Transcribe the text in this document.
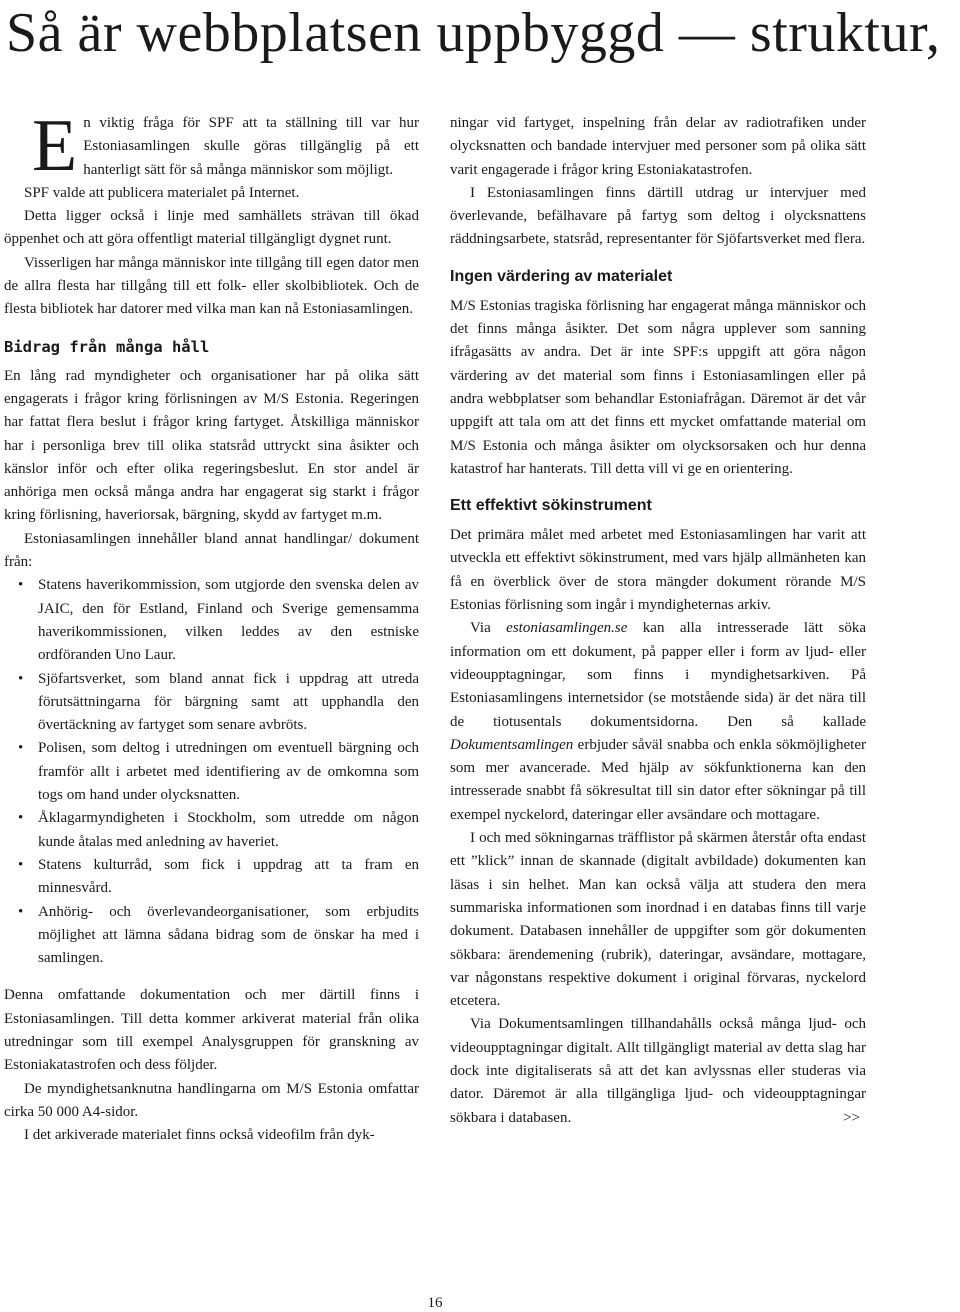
Så är webbplatsen uppbyggd — struktur,

En viktig fråga för SPF att ta ställning till var hur Estoniasamlingen skulle göras tillgänglig på ett hanterligt sätt för så många människor som möjligt.

SPF valde att publicera materialet på Internet.

Detta ligger också i linje med samhällets strävan till ökad öppenhet och att göra offentligt material tillgängligt dygnet runt.

Visserligen har många människor inte tillgång till egen dator men de allra flesta har tillgång till ett folk- eller skolbibliotek. Och de flesta bibliotek har datorer med vilka man kan nå Estoniasamlingen.

Bidrag från många håll

En lång rad myndigheter och organisationer har på olika sätt engagerats i frågor kring förlisningen av M/S Estonia. Regeringen har fattat flera beslut i frågor kring fartyget. Åtskilliga människor har i personliga brev till olika statsråd uttryckt sina åsikter och känslor inför och efter olika regeringsbeslut. En stor andel är anhöriga men också många andra har engagerat sig starkt i frågor kring förlisning, haveriorsak, bärgning, skydd av fartyget m.m.

Estoniasamlingen innehåller bland annat handlingar/ dokument från:

• Statens haverikommission, som utgjorde den svenska delen av JAIC, den för Estland, Finland och Sverige gemensamma haverikommissionen, vilken leddes av den estniske ordföranden Uno Laur.
• Sjöfartsverket, som bland annat fick i uppdrag att utreda förutsättningarna för bärgning samt att upphandla den övertäckning av fartyget som senare avbröts.
• Polisen, som deltog i utredningen om eventuell bärgning och framför allt i arbetet med identifiering av de omkomna som togs om hand under olycksnatten.
• Åklagarmyndigheten i Stockholm, som utredde om någon kunde åtalas med anledning av haveriet.
• Statens kulturråd, som fick i uppdrag att ta fram en minnesvård.
• Anhörig- och överlevandeorganisationer, som erbjudits möjlighet att lämna sådana bidrag som de önskar ha med i samlingen.

Denna omfattande dokumentation och mer därtill finns i Estoniasamlingen. Till detta kommer arkiverat material från olika utredningar som till exempel Analysgruppen för granskning av Estoniakatastrofen och dess följder.

De myndighetsanknutna handlingarna om M/S Estonia omfattar cirka 50 000 A4-sidor.

I det arkiverade materialet finns också videofilm från dyk-

ningar vid fartyget, inspelning från delar av radiotrafiken under olycksnatten och bandade intervjuer med personer som på olika sätt varit engagerade i frågor kring Estoniakatastrofen.

I Estoniasamlingen finns därtill utdrag ur intervjuer med överlevande, befälhavare på fartyg som deltog i olycksnattens räddningsarbete, statsråd, representanter för Sjöfartsverket med flera.

Ingen värdering av materialet

M/S Estonias tragiska förlisning har engagerat många människor och det finns många åsikter. Det som några upplever som sanning ifrågasätts av andra. Det är inte SPF:s uppgift att göra någon värdering av det material som finns i Estoniasamlingen eller på andra webbplatser som behandlar Estoniafrågan. Däremot är det vår uppgift att tala om att det finns ett mycket omfattande material om M/S Estonia och många åsikter om olycksorsaken och hur denna katastrof har hanterats. Till detta vill vi ge en orientering.

Ett effektivt sökinstrument

Det primära målet med arbetet med Estoniasamlingen har varit att utveckla ett effektivt sökinstrument, med vars hjälp allmänheten kan få en överblick över de stora mängder dokument rörande M/S Estonias förlisning som ingår i myndigheternas arkiv.

Via estoniasamlingen.se kan alla intresserade lätt söka information om ett dokument, på papper eller i form av ljud- eller videoupptagningar, som finns i myndighetsarkiven. På Estoniasamlingens internetsidor (se motstående sida) är det nära till de tiotusentals dokumentsidorna. Den så kallade Dokumentsamlingen erbjuder såväl snabba och enkla sökmöjligheter som mer avancerade. Med hjälp av sökfunktionerna kan den intresserade snabbt få sökresultat till sin dator efter sökningar på till exempel nyckelord, dateringar eller avsändare och mottagare.

I och med sökningarnas träfflistor på skärmen återstår ofta endast ett ”klick” innan de skannade (digitalt avbildade) dokumenten kan läsas i sin helhet. Man kan också välja att studera den mera summariska informationen som inordnad i en databas finns till varje dokument. Databasen innehåller de uppgifter som gör dokumenten sökbara: ärendemening (rubrik), dateringar, avsändare, mottagare, var någonstans respektive dokument i original förvaras, nyckelord etcetera.

Via Dokumentsamlingen tillhandahålls också många ljud- och videoupptagningar digitalt. Allt tillgängligt material av detta slag har dock inte digitaliserats så att det kan avlyssnas eller studeras via dator. Däremot är alla tillgängliga ljud- och videoupptagningar sökbara i databasen.	>>

16
